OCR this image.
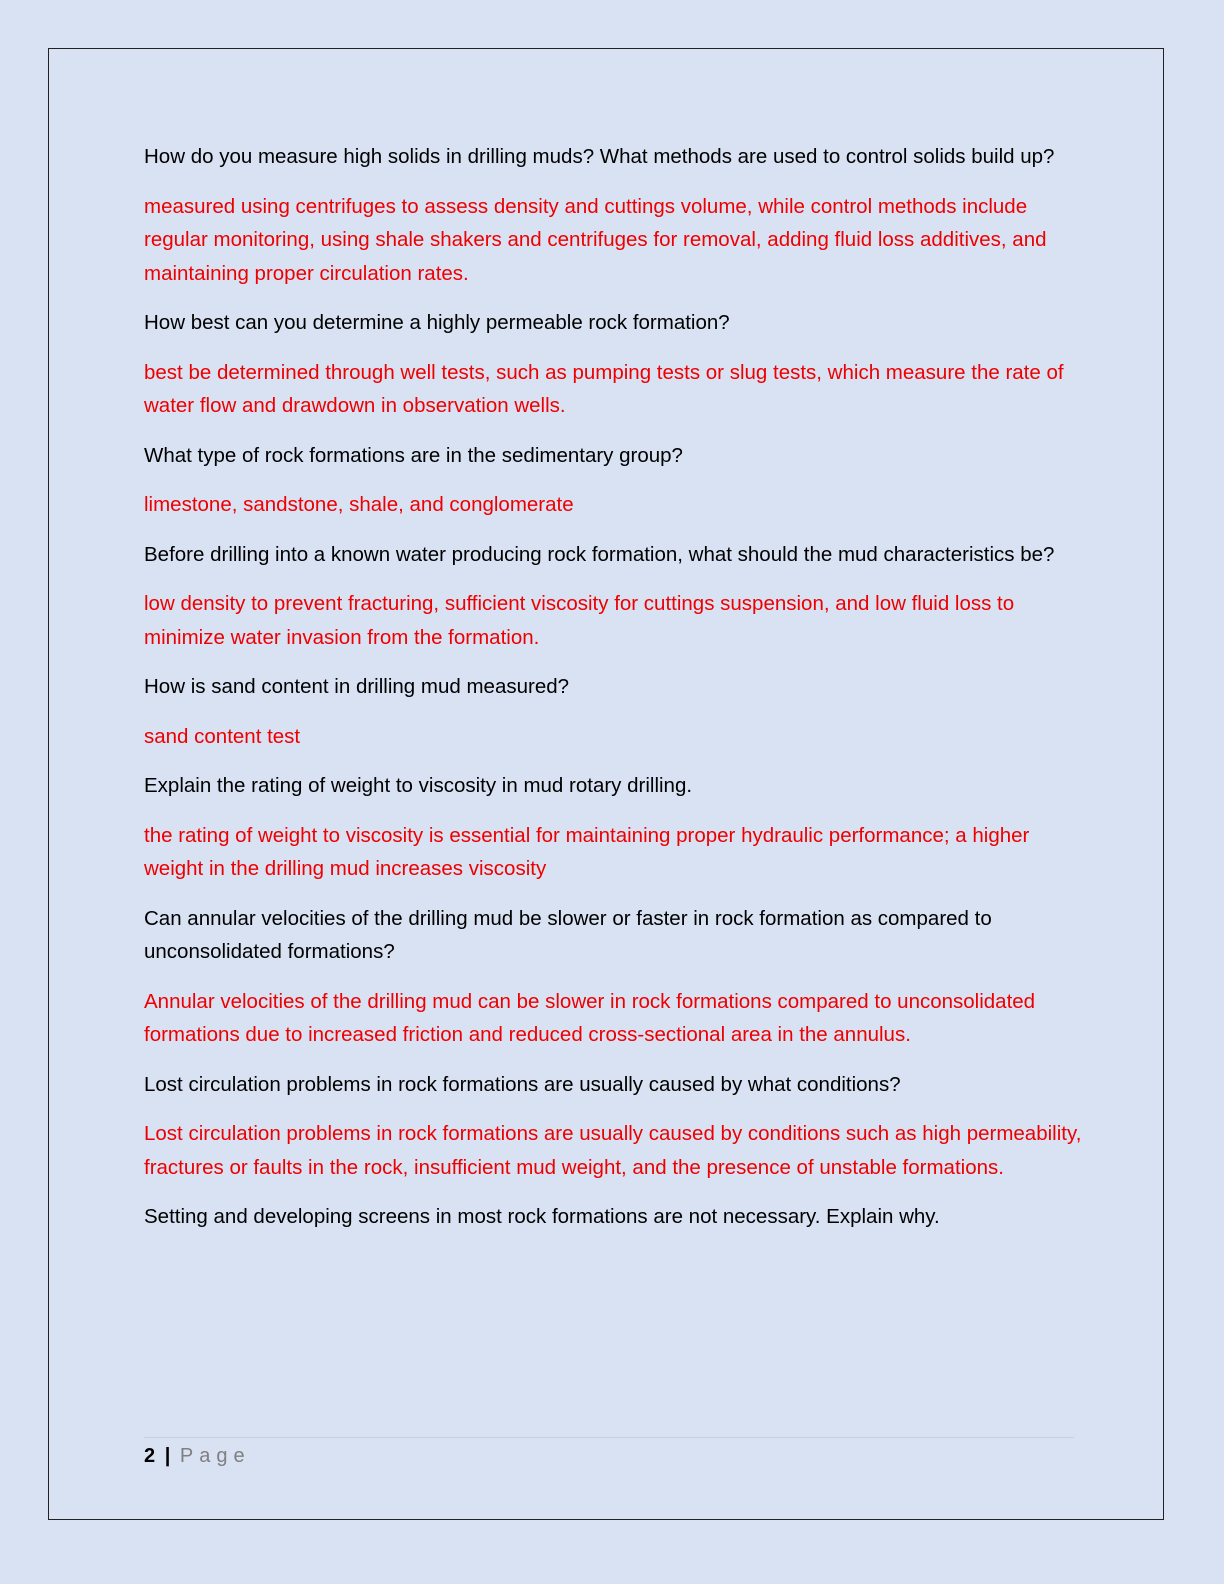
How do you measure high solids in drilling muds? What methods are used to control solids build up?

measured using centrifuges to assess density and cuttings volume, while control methods include regular monitoring, using shale shakers and centrifuges for removal, adding fluid loss additives, and maintaining proper circulation rates.

How best can you determine a highly permeable rock formation?

best be determined through well tests, such as pumping tests or slug tests, which measure the rate of water flow and drawdown in observation wells.

What type of rock formations are in the sedimentary group?

limestone, sandstone, shale, and conglomerate

Before drilling into a known water producing rock formation, what should the mud characteristics be?

low density to prevent fracturing, sufficient viscosity for cuttings suspension, and low fluid loss to minimize water invasion from the formation.

How is sand content in drilling mud measured?

sand content test

Explain the rating of weight to viscosity in mud rotary drilling.

the rating of weight to viscosity is essential for maintaining proper hydraulic performance; a higher weight in the drilling mud increases viscosity

Can annular velocities of the drilling mud be slower or faster in rock formation as compared to unconsolidated formations?

Annular velocities of the drilling mud can be slower in rock formations compared to unconsolidated formations due to increased friction and reduced cross-sectional area in the annulus.

Lost circulation problems in rock formations are usually caused by what conditions?

Lost circulation problems in rock formations are usually caused by conditions such as high permeability, fractures or faults in the rock, insufficient mud weight, and the presence of unstable formations.

Setting and developing screens in most rock formations are not necessary. Explain why.

2 | Page
